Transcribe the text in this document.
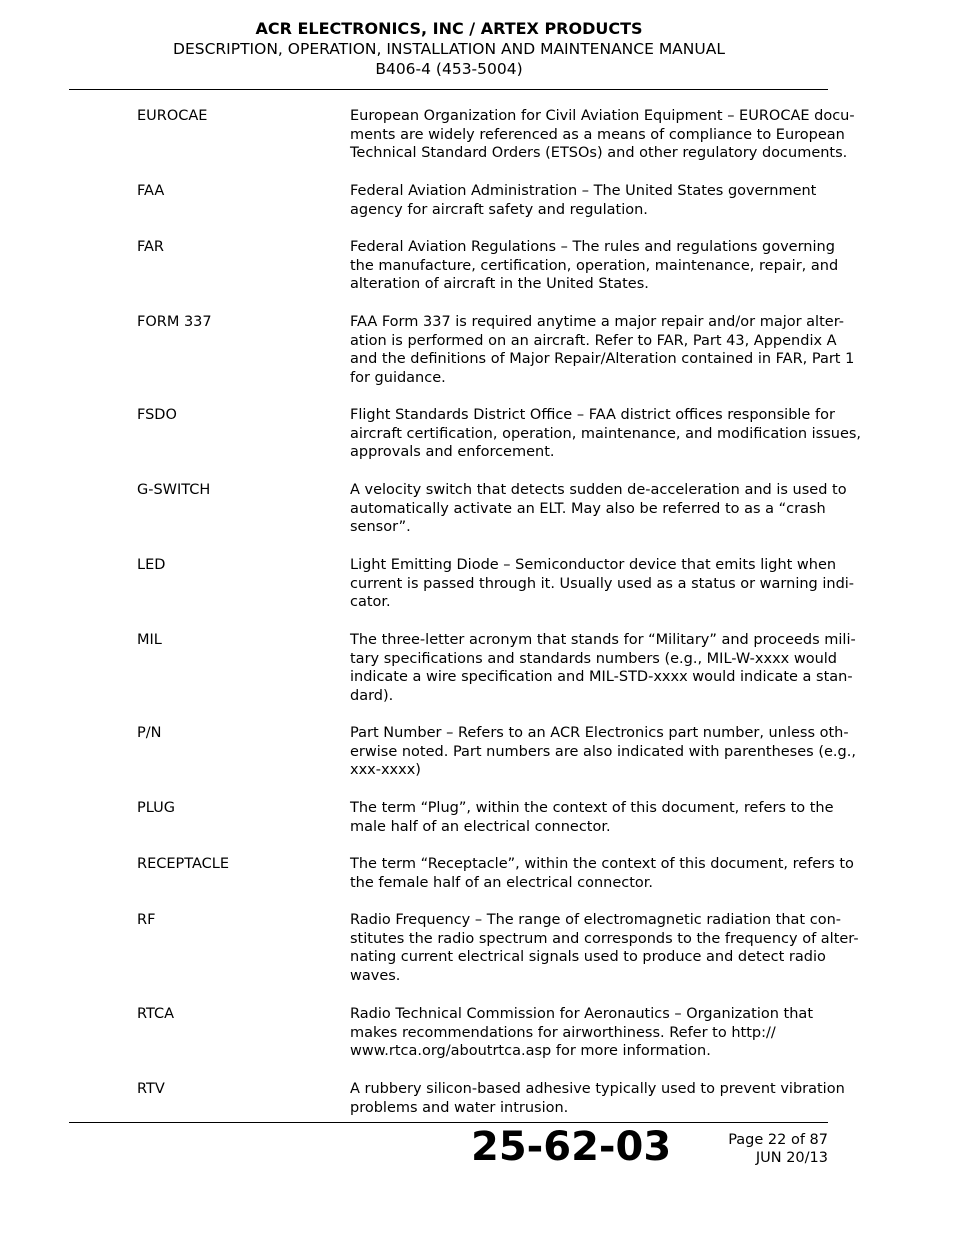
ACR ELECTRONICS, INC / ARTEX PRODUCTS
DESCRIPTION, OPERATION, INSTALLATION AND MAINTENANCE MANUAL
B406-4 (453-5004)
EUROCAE	European Organization for Civil Aviation Equipment – EUROCAE docu-
ments are widely referenced as a means of compliance to European
Technical Standard Orders (ETSOs) and other regulatory documents.
FAA	Federal Aviation Administration – The United States government
agency for aircraft safety and regulation.
FAR	Federal Aviation Regulations – The rules and regulations governing
the manufacture, certification, operation, maintenance, repair, and
alteration of aircraft in the United States.
FORM 337	FAA Form 337 is required anytime a major repair and/or major alter-
ation is performed on an aircraft. Refer to FAR, Part 43, Appendix A
and the definitions of Major Repair/Alteration contained in FAR, Part 1
for guidance.
FSDO	Flight Standards District Office – FAA district offices responsible for
aircraft certification, operation, maintenance, and modification issues,
approvals and enforcement.
G-SWITCH	A velocity switch that detects sudden de-acceleration and is used to
automatically activate an ELT. May also be referred to as a “crash
sensor”.
LED	Light Emitting Diode – Semiconductor device that emits light when
current is passed through it. Usually used as a status or warning indi-
cator.
MIL	The three-letter acronym that stands for “Military” and proceeds mili-
tary specifications and standards numbers (e.g., MIL-W-xxxx would
indicate a wire specification and MIL-STD-xxxx would indicate a stan-
dard).
P/N	Part Number – Refers to an ACR Electronics part number, unless oth-
erwise noted. Part numbers are also indicated with parentheses (e.g.,
xxx-xxxx)
PLUG	The term “Plug”, within the context of this document, refers to the
male half of an electrical connector.
RECEPTACLE	The term “Receptacle”, within the context of this document, refers to
the female half of an electrical connector.
RF	Radio Frequency – The range of electromagnetic radiation that con-
stitutes the radio spectrum and corresponds to the frequency of alter-
nating current electrical signals used to produce and detect radio
waves.
RTCA	Radio Technical Commission for Aeronautics – Organization that
makes recommendations for airworthiness. Refer to http://
www.rtca.org/aboutrtca.asp for more information.
RTV	A rubbery silicon-based adhesive typically used to prevent vibration
problems and water intrusion.
25-62-03	Page 22 of 87
JUN 20/13
